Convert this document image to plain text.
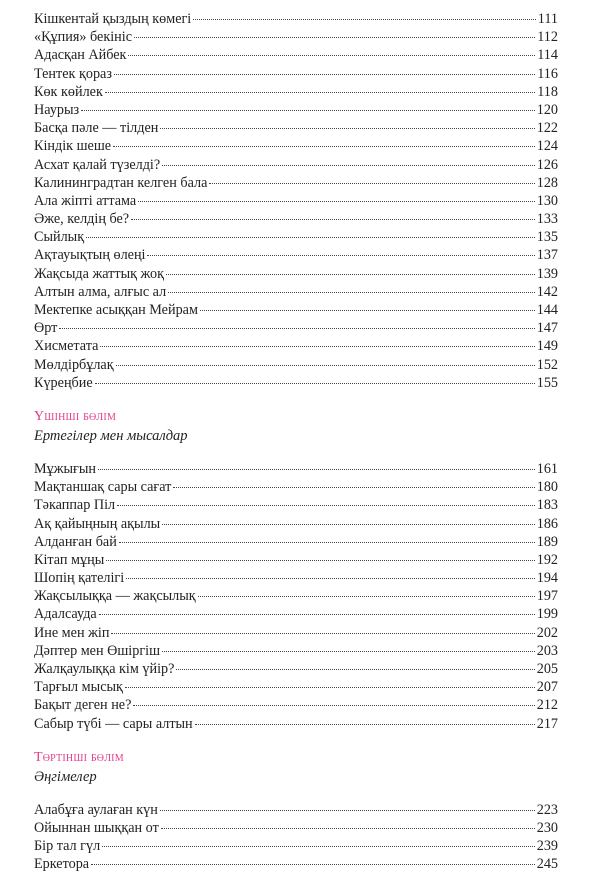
Кішкентай қыздың көмегі	111
«Құпия» бекініс	112
Адасқан Айбек	114
Тентек қораз	116
Көк көйлек	118
Наурыз	120
Басқа пәле — тілден	122
Кіндік шеше	124
Асхат қалай түзелді?	126
Калининградтан келген бала	128
Ала жіпті аттама	130
Әже, келдің бе?	133
Сыйлық	135
Ақтауықтың өлеңі	137
Жақсыда жаттық жоқ	139
Алтын алма, алғыс ал	142
Мектепке асыққан Мейрам	144
Өрт	147
Хисметата	149
Мөлдірбұлақ	152
Күреңбие	155
Үшінші бөлім
Ертегілер мен мысалдар
Мұжығын	161
Мақтаншақ сары сағат	180
Тәкаппар Піл	183
Ақ қайыңның ақылы	186
Алданған бай	189
Кітап мұңы	192
Шопің қателігі	194
Жақсылыққа — жақсылық	197
Адалсауда	199
Ине мен жіп	202
Дәптер мен Өшіргіш	203
Жалқаулыққа кім үйір?	205
Тарғыл мысық	207
Бақыт деген не?	212
Сабыр түбі — сары алтын	217
Төртінші бөлім
Әңгімелер
Алабұға аулаған күн	223
Ойыннан шыққан от	230
Бір тал гүл	239
Еркетора	245
